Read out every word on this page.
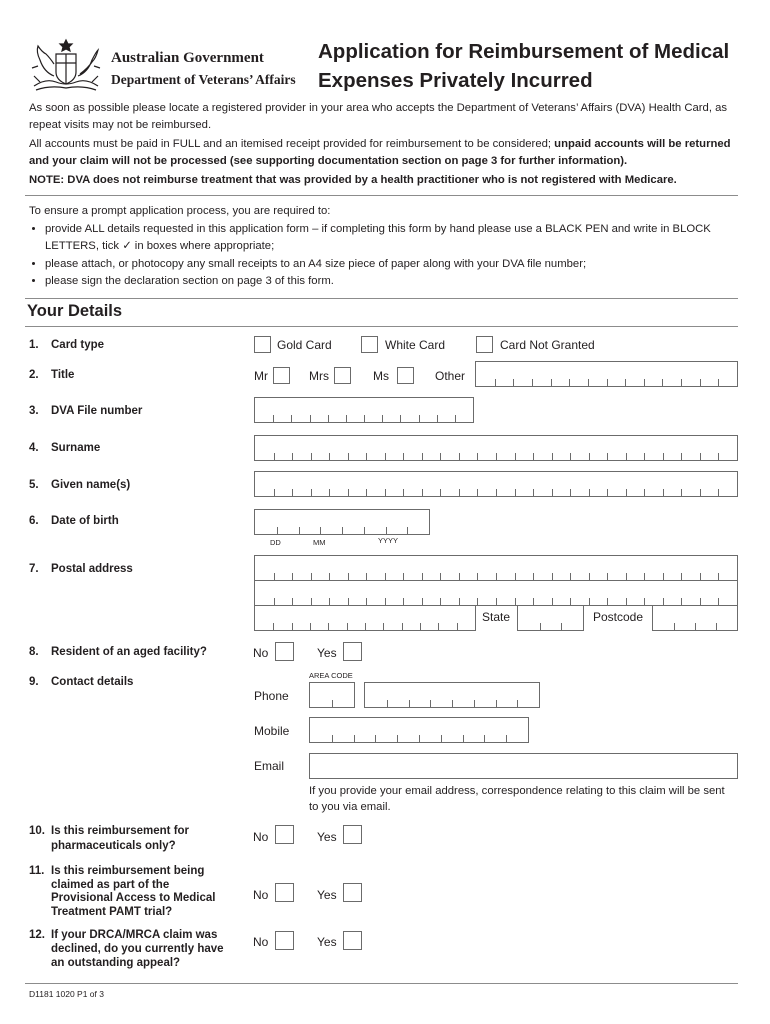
Australian Government
Department of Veterans’ Affairs
Application for Reimbursement of Medical
Expenses Privately Incurred
As soon as possible please locate a registered provider in your area who accepts the Department of Veterans’ Affairs (DVA) Health Card, as repeat visits may not be reimbursed.
All accounts must be paid in FULL and an itemised receipt provided for reimbursement to be considered; unpaid accounts will be returned and your claim will not be processed (see supporting documentation section on page 3 for further information).
NOTE: DVA does not reimburse treatment that was provided by a health practitioner who is not registered with Medicare.
To ensure a prompt application process, you are required to:
• provide ALL details requested in this application form – if completing this form by hand please use a BLACK PEN and write in BLOCK LETTERS, tick ✓ in boxes where appropriate;
• please attach, or photocopy any small receipts to an A4 size piece of paper along with your DVA file number;
• please sign the declaration section on page 3 of this form.
Your Details
1. Card type	Gold Card	White Card	Card Not Granted
2. Title	Mr	Mrs	Ms	Other
3. DVA File number
4. Surname
5. Given name(s)
6. Date of birth
DD	MM	YYYY
7. Postal address
State	Postcode
8. Resident of an aged facility?	No	Yes
9. Contact details
AREA CODE
Phone
Mobile
Email
If you provide your email address, correspondence relating to this claim will be sent to you via email.
10. Is this reimbursement for
pharmaceuticals only?
No	Yes
11. Is this reimbursement being
claimed as part of the
Provisional Access to Medical
Treatment PAMT trial?
No	Yes
12. If your DRCA/MRCA claim was
declined, do you currently have
an outstanding appeal?
No	Yes
D1181 1020 P1 of 3
